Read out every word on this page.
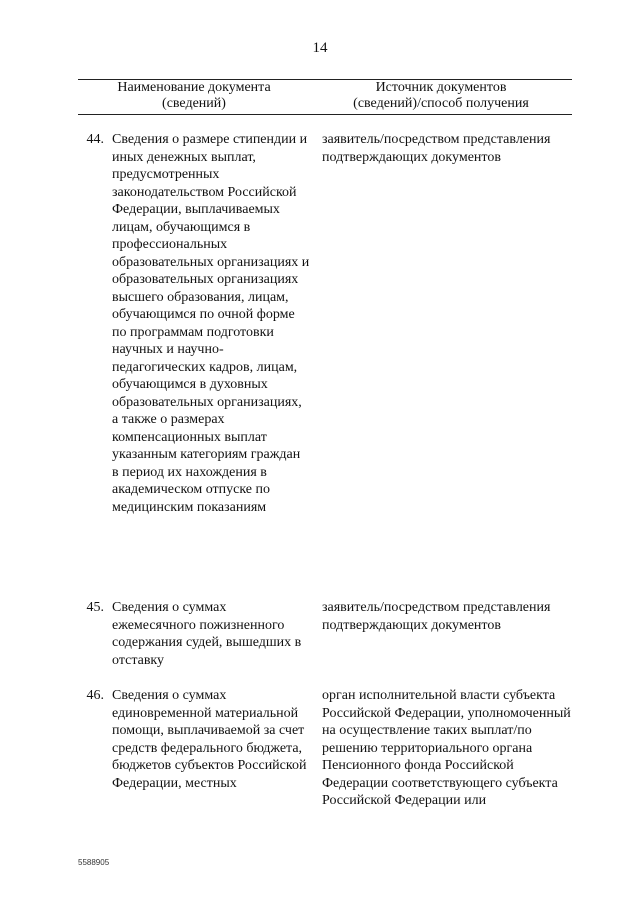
14
Наименование документа
(сведений)
Источник документов
(сведений)/способ получения
44. Сведения о размере стипендии и иных денежных выплат, предусмотренных законодательством Российской Федерации, выплачиваемых лицам, обучающимся в профессиональных образовательных организациях и образовательных организациях высшего образования, лицам, обучающимся по очной форме по программам подготовки научных и научно-педагогических кадров, лицам, обучающимся в духовных образовательных организациях, а также о размерах компенсационных выплат указанным категориям граждан в период их нахождения в академическом отпуске по медицинским показаниям
заявитель/посредством представления подтверждающих документов
45. Сведения о суммах ежемесячного пожизненного содержания судей, вышедших в отставку
заявитель/посредством представления подтверждающих документов
46. Сведения о суммах единовременной материальной помощи, выплачиваемой за счет средств федерального бюджета, бюджетов субъектов Российской Федерации, местных
орган исполнительной власти субъекта Российской Федерации, уполномоченный на осуществление таких выплат/по решению территориального органа Пенсионного фонда Российской Федерации соответствующего субъекта Российской Федерации или
5588905
